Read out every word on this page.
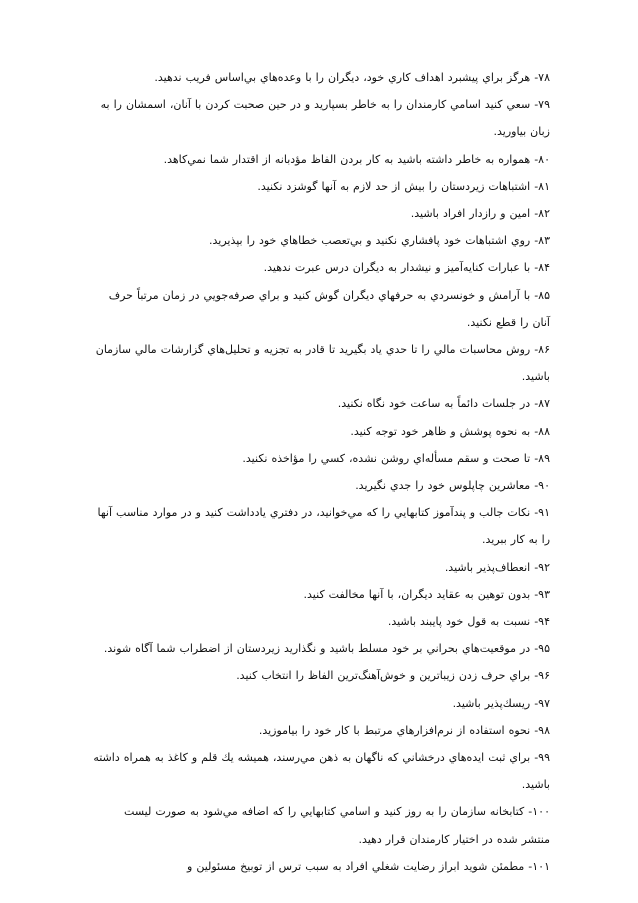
۷۸- هرگز براي پيشبرد اهداف كاري خود، ديگران را با وعده‌هاي بي‌اساس فريب ندهيد.
۷۹- سعي كنيد اسامي كارمندان را به خاطر بسپاريد و در حين صحبت كردن با آنان، اسمشان را به زبان بياوريد.
۸۰- همواره به خاطر داشته باشيد به كار بردن الفاظ مؤدبانه از اقتدار شما نمي‌كاهد.
۸۱- اشتباهات زيردستان را بيش از حد لازم به آنها گوشزد نكنيد.
۸۲- امين و رازدار افراد باشيد.
۸۳- روي اشتباهات خود پافشاري نكنيد و بي‌تعصب خطاهاي خود را بپذيريد.
۸۴- با عبارات كنايه‌آميز و نيشدار به ديگران درس عبرت ندهيد.
۸۵- با آرامش و خونسردي به حرفهاي ديگران گوش كنيد و براي صرفه‌جويي در زمان مرتباً حرف آنان را قطع نكنيد.
۸۶- روش محاسبات مالي را تا حدي ياد بگيريد تا قادر به تجزيه و تحليل‌هاي گزارشات مالي سازمان باشيد.
۸۷- در جلسات دائماً به ساعت خود نگاه نكنيد.
۸۸- به نحوه پوشش و ظاهر خود توجه كنيد.
۸۹- تا صحت و سقم مسأله‌اي روشن نشده، كسي را مؤاخذه نكنيد.
۹۰- معاشرين چاپلوس خود را جدي نگيريد.
۹۱- نكات جالب و پندآموز كتابهايي را كه مي‌خوانيد، در دفتري يادداشت كنيد و در موارد مناسب آنها را به كار ببريد.
۹۲- انعطاف‌پذير باشيد.
۹۳- بدون توهين به عقايد ديگران، با آنها مخالفت كنيد.
۹۴- نسبت به قول خود پايبند باشيد.
۹۵- در موقعيت‌هاي بحراني بر خود مسلط باشيد و نگذاريد زيردستان از اضطراب شما آگاه شوند.
۹۶- براي حرف زدن زيباترين و خوش‌آهنگ‌ترين الفاظ را انتخاب كنيد.
۹۷- ريسك‌پذير باشيد.
۹۸- نحوه استفاده از نرم‌افزارهاي مرتبط با كار خود را بياموزيد.
۹۹- براي ثبت ايده‌هاي درخشاني كه ناگهان به ذهن مي‌رسند، هميشه يك قلم و كاغذ به همراه داشته باشيد.
۱۰۰- كتابخانه سازمان را به روز كنيد و اسامي كتابهايي را كه اضافه مي‌شود به صورت ليست منتشر شده در اختيار كارمندان قرار دهيد.
۱۰۱- مطمئن شويد ابراز رضايت شغلي افراد به سبب ترس از توبيخ مسئولين و
